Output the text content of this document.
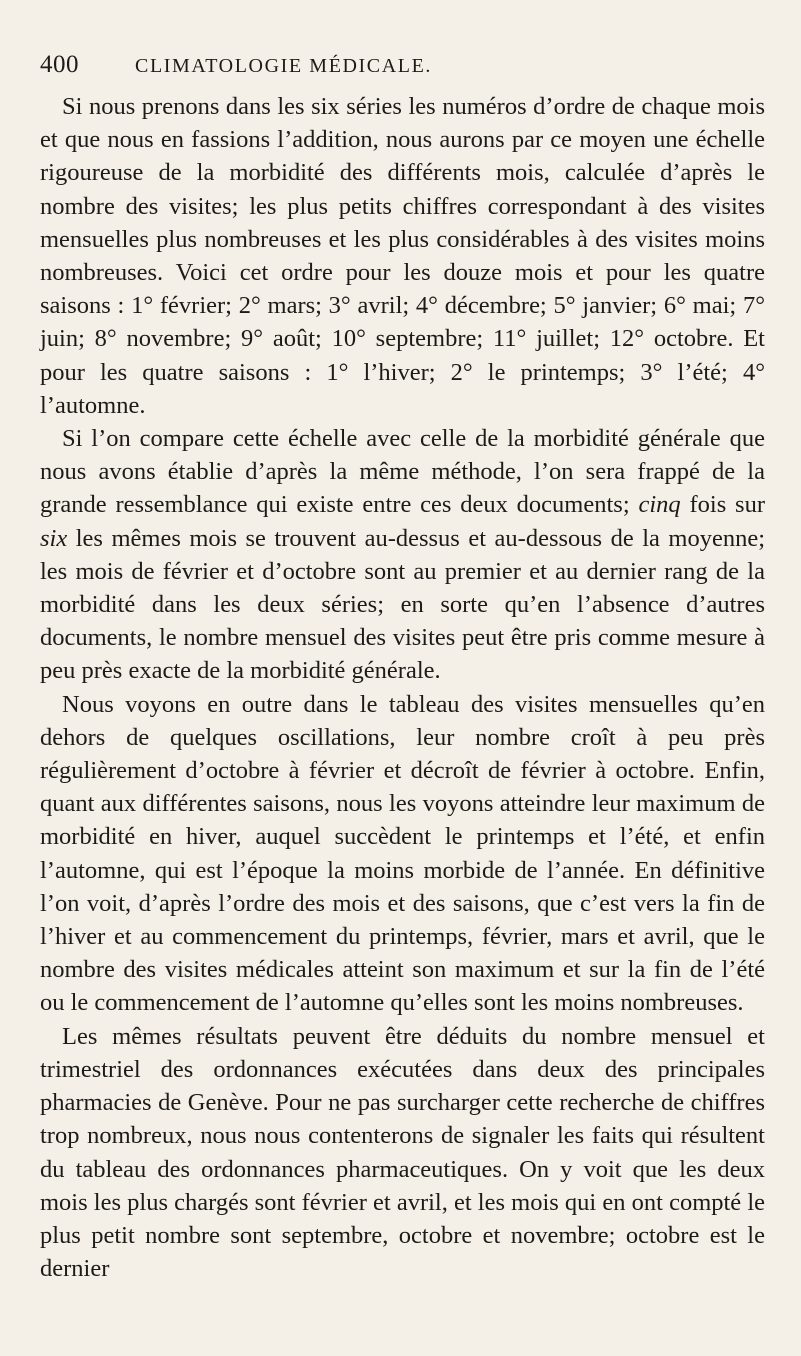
400	CLIMATOLOGIE MÉDICALE.

Si nous prenons dans les six séries les numéros d’ordre de chaque mois et que nous en fassions l’addition, nous aurons par ce moyen une échelle rigoureuse de la morbidité des différents mois, calculée d’après le nombre des visites; les plus petits chiffres correspondant à des visites mensuelles plus nombreuses et les plus considérables à des visites moins nombreuses. Voici cet ordre pour les douze mois et pour les quatre saisons : 1° février; 2° mars; 3° avril; 4° décembre; 5° janvier; 6° mai; 7° juin; 8° novembre; 9° août; 10° septembre; 11° juillet; 12° octobre. Et pour les quatre saisons : 1° l’hiver; 2° le printemps; 3° l’été; 4° l’automne.

Si l’on compare cette échelle avec celle de la morbidité générale que nous avons établie d’après la même méthode, l’on sera frappé de la grande ressemblance qui existe entre ces deux documents; cinq fois sur six les mêmes mois se trouvent au-dessus et au-dessous de la moyenne; les mois de février et d’octobre sont au premier et au dernier rang de la morbidité dans les deux séries; en sorte qu’en l’absence d’autres documents, le nombre mensuel des visites peut être pris comme mesure à peu près exacte de la morbidité générale.

Nous voyons en outre dans le tableau des visites mensuelles qu’en dehors de quelques oscillations, leur nombre croît à peu près régulièrement d’octobre à février et décroît de février à octobre. Enfin, quant aux différentes saisons, nous les voyons atteindre leur maximum de morbidité en hiver, auquel succèdent le printemps et l’été, et enfin l’automne, qui est l’époque la moins morbide de l’année. En définitive l’on voit, d’après l’ordre des mois et des saisons, que c’est vers la fin de l’hiver et au commencement du printemps, février, mars et avril, que le nombre des visites médicales atteint son maximum et sur la fin de l’été ou le commencement de l’automne qu’elles sont les moins nombreuses.

Les mêmes résultats peuvent être déduits du nombre mensuel et trimestriel des ordonnances exécutées dans deux des principales pharmacies de Genève. Pour ne pas surcharger cette recherche de chiffres trop nombreux, nous nous contenterons de signaler les faits qui résultent du tableau des ordonnances pharmaceutiques. On y voit que les deux mois les plus chargés sont février et avril, et les mois qui en ont compté le plus petit nombre sont septembre, octobre et novembre; octobre est le dernier
